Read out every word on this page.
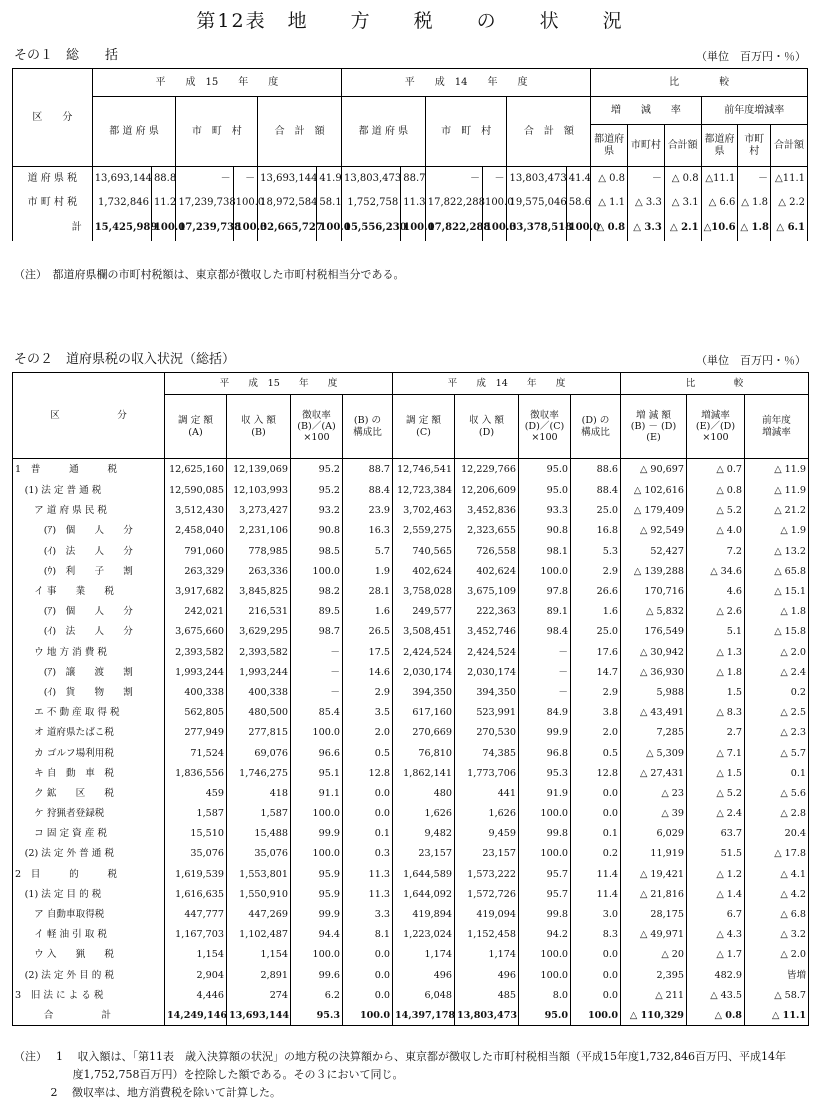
第12表　地　　方　　税　　の　　状　　況
その１　総　　括	（単位　百万円・％）
区　　分	平　　成　15　　年　　度						平　　成　14　　年　　度						比　　　　較					
	都 道 府 県		市　町　村		合　計　額		都 道 府 県		市　町　村		合　計　額		増　　減　　率			前年度増減率		
													都道府県	市町村	合計額	都道府県	市町村	合計額
道 府 県 税	13,693,144	88.8	－	－	13,693,144	41.9	13,803,473	88.7	－	－	13,803,473	41.4	△ 0.8	－	△ 0.8	△11.1	－	△11.1
市 町 村 税	1,732,846	11.2	17,239,738	100.0	18,972,584	58.1	1,752,758	11.3	17,822,288	100.0	19,575,046	58.6	△ 1.1	△ 3.3	△ 3.1	△ 6.6	△ 1.8	△ 2.2
計	15,425,989	100.0	17,239,738	100.0	32,665,727	100.0	15,556,230	100.0	17,822,288	100.0	33,378,518	100.0	△ 0.8	△ 3.3	△ 2.1	△10.6	△ 1.8	△ 6.1
（注）　都道府県欄の市町村税額は、東京都が徴収した市町村税相当分である。
その２　道府県税の収入状況（総括）	（単位　百万円・％）
区　　　　　　分	平　　成　15　　年　　度				平　　成　14　　年　　度				比　　　　較		
	調 定 額
(A)	収 入 額
(B)	徴収率
(B)／(A)
×100	(B) の
構成比	調 定 額
(C)	収 入 額
(D)	徴収率
(D)／(C)
×100	(D) の
構成比	増 減 額
(B) － (D)
(E)	増減率
(E)／(D)
×100	前年度
増減率
1　普　　　通　　　税	12,625,160	12,139,069	95.2	88.7	12,746,541	12,229,766	95.0	88.6	△ 90,697	△ 0.7	△ 11.9
　(1) 法 定 普 通 税	12,590,085	12,103,993	95.2	88.4	12,723,384	12,206,609	95.0	88.4	△ 102,616	△ 0.8	△ 11.9
　　ア 道 府 県 民 税	3,512,430	3,273,427	93.2	23.9	3,702,463	3,452,836	93.3	25.0	△ 179,409	△ 5.2	△ 21.2
　　　(ｱ)　個　　人　　分	2,458,040	2,231,106	90.8	16.3	2,559,275	2,323,655	90.8	16.8	△ 92,549	△ 4.0	△ 1.9
　　　(ｲ)　法　　人　　分	791,060	778,985	98.5	5.7	740,565	726,558	98.1	5.3	52,427	7.2	△ 13.2
　　　(ｳ)　利　　子　　割	263,329	263,336	100.0	1.9	402,624	402,624	100.0	2.9	△ 139,288	△ 34.6	△ 65.8
　　イ 事　　業　　税	3,917,682	3,845,825	98.2	28.1	3,758,028	3,675,109	97.8	26.6	170,716	4.6	△ 15.1
　　　(ｱ)　個　　人　　分	242,021	216,531	89.5	1.6	249,577	222,363	89.1	1.6	△ 5,832	△ 2.6	△ 1.8
　　　(ｲ)　法　　人　　分	3,675,660	3,629,295	98.7	26.5	3,508,451	3,452,746	98.4	25.0	176,549	5.1	△ 15.8
　　ウ 地 方 消 費 税	2,393,582	2,393,582	－	17.5	2,424,524	2,424,524	－	17.6	△ 30,942	△ 1.3	△ 2.0
　　　(ｱ)　譲　　渡　　割	1,993,244	1,993,244	－	14.6	2,030,174	2,030,174	－	14.7	△ 36,930	△ 1.8	△ 2.4
　　　(ｲ)　貨　　物　　割	400,338	400,338	－	2.9	394,350	394,350	－	2.9	5,988	1.5	0.2
　　エ 不 動 産 取 得 税	562,805	480,500	85.4	3.5	617,160	523,991	84.9	3.8	△ 43,491	△ 8.3	△ 2.5
　　オ 道府県たばこ税	277,949	277,815	100.0	2.0	270,669	270,530	99.9	2.0	7,285	2.7	△ 2.3
　　カ ゴルフ場利用税	71,524	69,076	96.6	0.5	76,810	74,385	96.8	0.5	△ 5,309	△ 7.1	△ 5.7
　　キ 自　動　車　税	1,836,556	1,746,275	95.1	12.8	1,862,141	1,773,706	95.3	12.8	△ 27,431	△ 1.5	0.1
　　ク 鉱　　区　　税	459	418	91.1	0.0	480	441	91.9	0.0	△ 23	△ 5.2	△ 5.6
　　ケ 狩猟者登録税	1,587	1,587	100.0	0.0	1,626	1,626	100.0	0.0	△ 39	△ 2.4	△ 2.8
　　コ 固 定 資 産 税	15,510	15,488	99.9	0.1	9,482	9,459	99.8	0.1	6,029	63.7	20.4
　(2) 法 定 外 普 通 税	35,076	35,076	100.0	0.3	23,157	23,157	100.0	0.2	11,919	51.5	△ 17.8
2　目　　　的　　　税	1,619,539	1,553,801	95.9	11.3	1,644,589	1,573,222	95.7	11.4	△ 19,421	△ 1.2	△ 4.1
　(1) 法 定 目 的 税	1,616,635	1,550,910	95.9	11.3	1,644,092	1,572,726	95.7	11.4	△ 21,816	△ 1.4	△ 4.2
　　ア 自動車取得税	447,777	447,269	99.9	3.3	419,894	419,094	99.8	3.0	28,175	6.7	△ 6.8
　　イ 軽 油 引 取 税	1,167,703	1,102,487	94.4	8.1	1,223,024	1,152,458	94.2	8.3	△ 49,971	△ 4.3	△ 3.2
　　ウ 入　　猟　　税	1,154	1,154	100.0	0.0	1,174	1,174	100.0	0.0	△ 20	△ 1.7	△ 2.0
　(2) 法 定 外 目 的 税	2,904	2,891	99.6	0.0	496	496	100.0	0.0	2,395	482.9	皆増
3　旧 法 に よ る 税	4,446	274	6.2	0.0	6,048	485	8.0	0.0	△ 211	△ 43.5	△ 58.7
　　　合　　　　　計	14,249,146	13,693,144	95.3	100.0	14,397,178	13,803,473	95.0	100.0	△ 110,329	△ 0.8	△ 11.1
（注）　 1 　収入額は、「第11表　歳入決算額の状況」の地方税の決算額から、東京都が徴収した市町村税相当額（平成15年度1,732,846百万円、平成14年
　　　　　 度1,752,758百万円）を控除した額である。その３において同じ。
　　　 2 　徴収率は、地方消費税を除いて計算した。
